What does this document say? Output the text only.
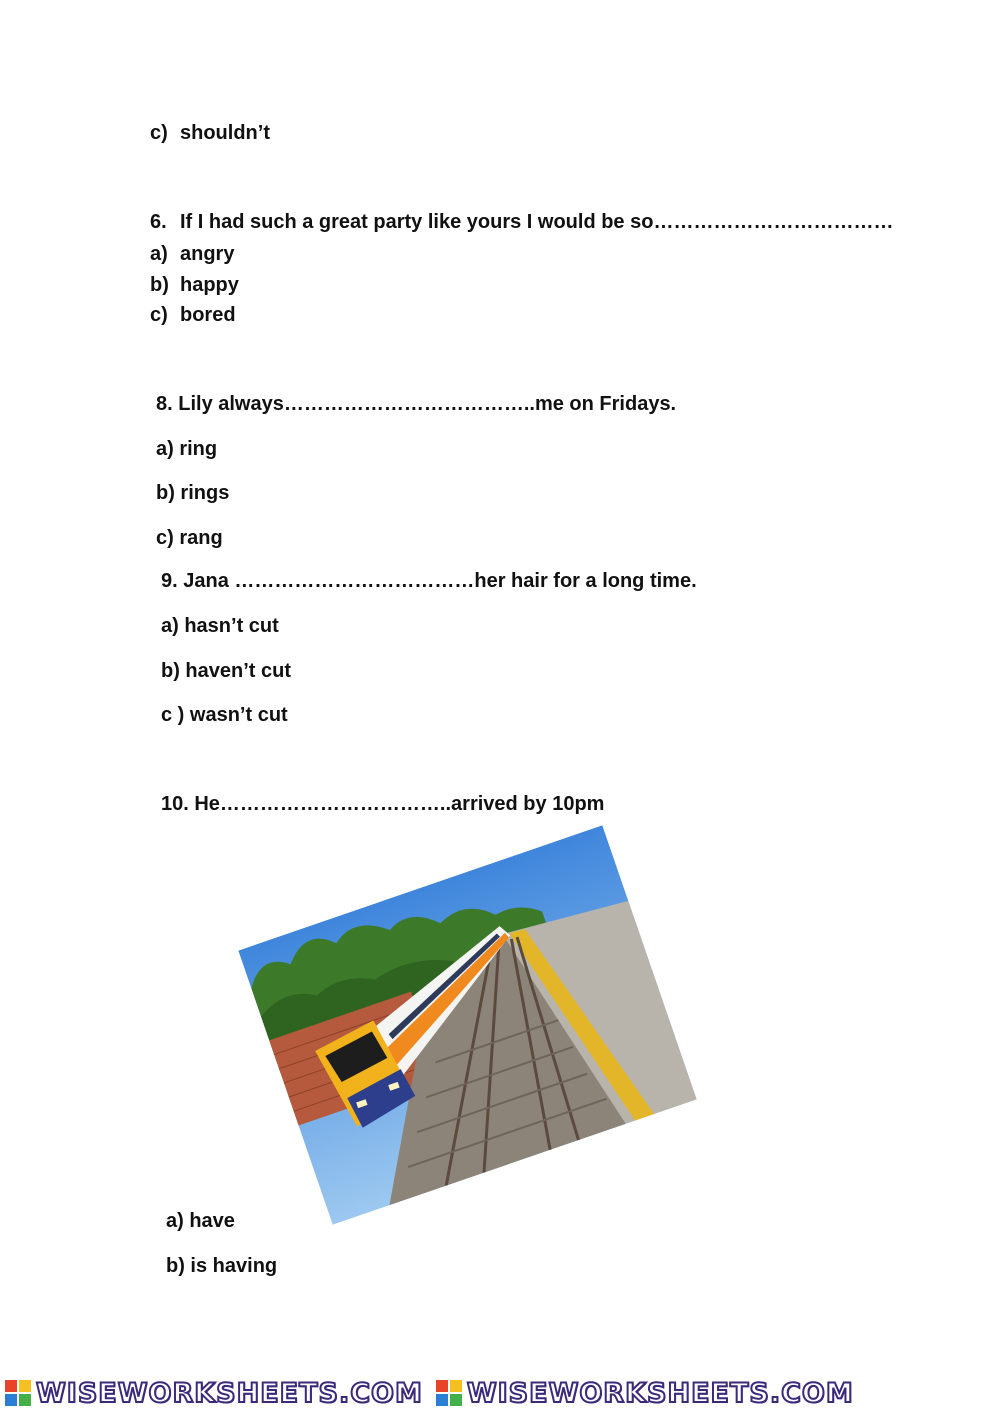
c) shouldn’t
6. If I had such a great party like yours I would be so………………………………
a) angry
b) happy
c) bored
8. Lily always………………………………..me on Fridays.
a) ring
b) rings
c) rang
9. Jana ………………………………her hair for a long time.
a) hasn’t cut
b) haven’t cut
c ) wasn’t cut
10. He……………………………..arrived by 10pm
a) have
b) is having
WISEWORKSHEETS.COM WISEWORKSHEETS.COM
